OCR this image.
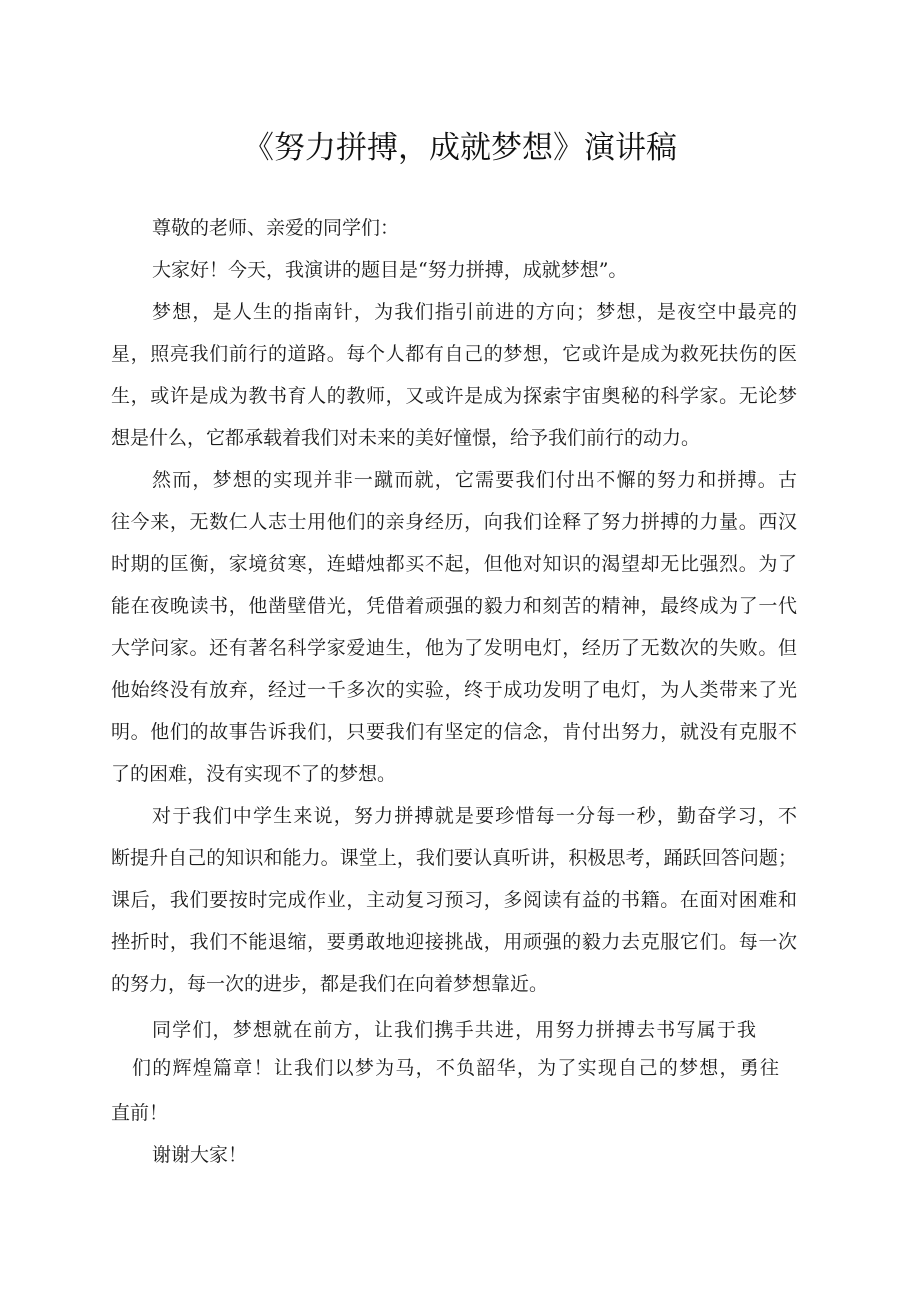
《努力拼搏，成就梦想》演讲稿

尊敬的老师、亲爱的同学们：

大家好！今天，我演讲的题目是“努力拼搏，成就梦想”。

梦想，是人生的指南针，为我们指引前进的方向；梦想，是夜空中最亮的

星，照亮我们前行的道路。每个人都有自己的梦想，它或许是成为救死扶伤的医

生，或许是成为教书育人的教师，又或许是成为探索宇宙奥秘的科学家。无论梦

想是什么，它都承载着我们对未来的美好憧憬，给予我们前行的动力。

然而，梦想的实现并非一蹴而就，它需要我们付出不懈的努力和拼搏。古

往今来，无数仁人志士用他们的亲身经历，向我们诠释了努力拼搏的力量。西汉

时期的匡衡，家境贫寒，连蜡烛都买不起，但他对知识的渴望却无比强烈。为了

能在夜晚读书，他凿壁借光，凭借着顽强的毅力和刻苦的精神，最终成为了一代

大学问家。还有著名科学家爱迪生，他为了发明电灯，经历了无数次的失败。但

他始终没有放弃，经过一千多次的实验，终于成功发明了电灯，为人类带来了光

明。他们的故事告诉我们，只要我们有坚定的信念，肯付出努力，就没有克服不

了的困难，没有实现不了的梦想。

对于我们中学生来说，努力拼搏就是要珍惜每一分每一秒，勤奋学习，不

断提升自己的知识和能力。课堂上，我们要认真听讲，积极思考，踊跃回答问题；

课后，我们要按时完成作业，主动复习预习，多阅读有益的书籍。在面对困难和

挫折时，我们不能退缩，要勇敢地迎接挑战，用顽强的毅力去克服它们。每一次

的努力，每一次的进步，都是我们在向着梦想靠近。

同学们，梦想就在前方，让我们携手共进，用努力拼搏去书写属于我

们的辉煌篇章！让我们以梦为马，不负韶华，为了实现自己的梦想，勇往

直前！

谢谢大家！
